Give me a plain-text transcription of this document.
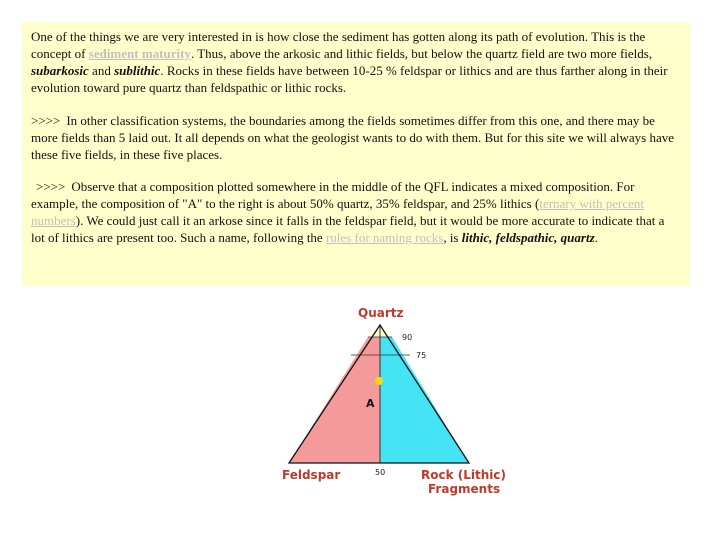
One of the things we are very interested in is how close the sediment has gotten along its path of evolution. This is the concept of sediment maturity. Thus, above the arkosic and lithic fields, but below the quartz field are two more fields, subarkosic and sublithic. Rocks in these fields have between 10-25 % feldspar or lithics and are thus farther along in their evolution toward pure quartz than feldspathic or lithic rocks.

>>>> In other classification systems, the boundaries among the fields sometimes differ from this one, and there may be more fields than 5 laid out. It all depends on what the geologist wants to do with them. But for this site we will always have these five fields, in these five places.

>>>> Observe that a composition plotted somewhere in the middle of the QFL indicates a mixed composition. For example, the composition of "A" to the right is about 50% quartz, 35% feldspar, and 25% lithics (ternary with percent numbers). We could just call it an arkose since it falls in the feldspar field, but it would be more accurate to indicate that a lot of lithics are present too. Such a name, following the rules for naming rocks, is lithic, feldspathic, quartz.

A
Quartz
90
75
50
Feldspar	Rock (Lithic)
Fragments
